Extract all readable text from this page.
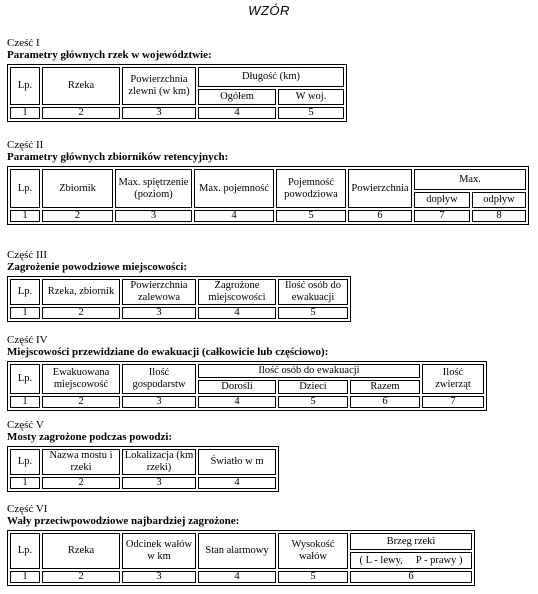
WZÓR

Cześć I

Parametry głównych rzek w województwie:

Lp.	Rzeka	Powierzchnia zlewni (w km)	Długość (km)	
			Ogółem	W woj.
1	2	3	4	5

Część II

Parametry głównych zbiorników retencyjnych:

Lp.	Zbiornik	Max. spiętrzenie (poziom)	Max. pojemność	Pojemność powodziowa	Powierzchnia	Max.	
						dopływ	odpływ
1	2	3	4	5	6	7	8

Część III

Zagrożenie powodziowe miejscowości:

Lp.	Rzeka, zbiornik	Powierzchnia zalewowa	Zagrożone miejscowości	Ilość osób do ewakuacji
1	2	3	4	5

Część IV

Miejscowości przewidziane do ewakuacji (całkowicie lub częściowo):

Lp.	Ewakuowana miejscowość	Ilość gospodarstw	Ilość osób do ewakuacji			Ilość zwierząt
			Dorośli	Dzieci	Razem	
1	2	3	4	5	6	7

Część V

Mosty zagrożone podczas powodzi:

Lp.	Nazwa mostu i rzeki	Lokalizacja (km rzeki)	Światło w m
1	2	3	4

Część VI

Wały przeciwpowodziowe najbardziej zagrożone:

Lp.	Rzeka	Odcinek wałów w km	Stan alarmowy	Wysokość wałów	Brzeg rzeki
					( L - lewy,     P - prawy )
1	2	3	4	5	6
